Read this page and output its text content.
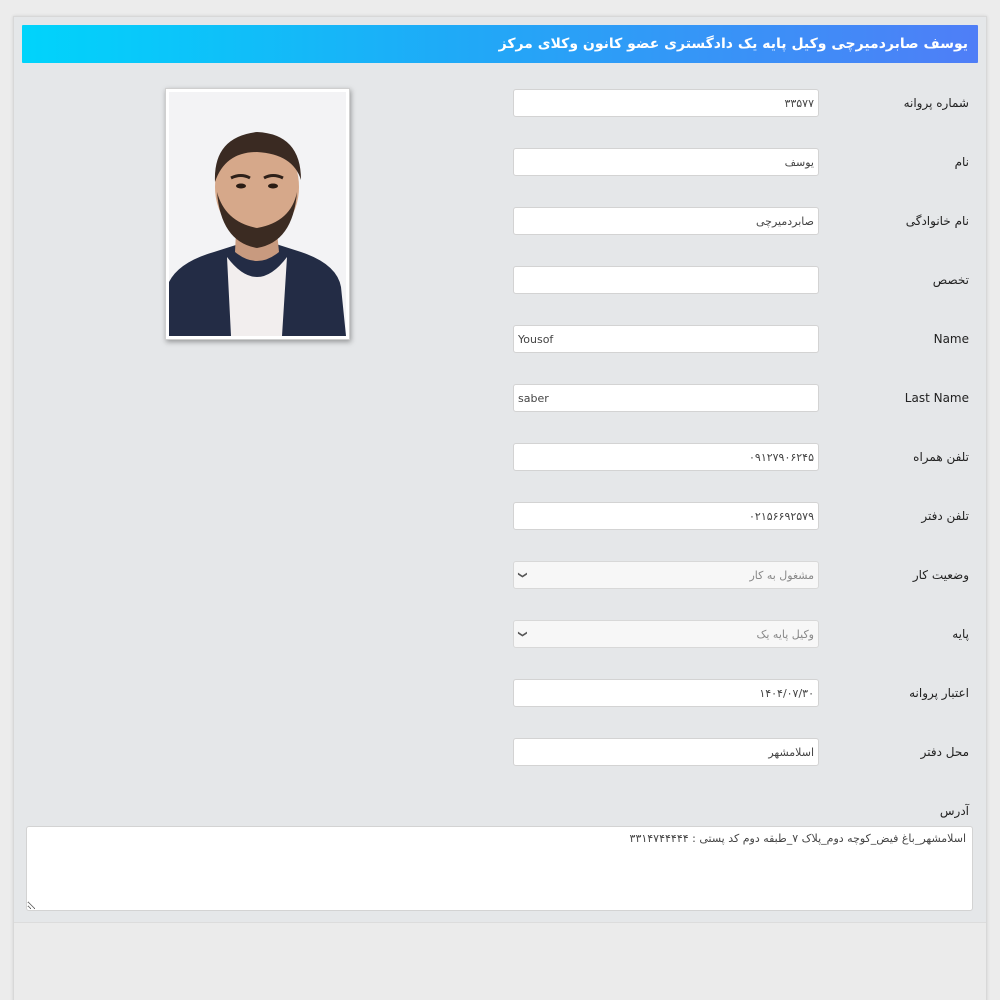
یوسف صابردمیرچی وکیل پایه یک دادگستری عضو کانون وکلای مرکز
شماره پروانه
۳۳۵۷۷
نام
یوسف
نام خانوادگی
صابردمیرچی
تخصص
Name
Yousof
Last Name
saber
تلفن همراه
۰۹۱۲۷۹۰۶۲۴۵
تلفن دفتر
۰۲۱۵۶۶۹۲۵۷۹
وضعیت کار
❯	مشغول به کار
پایه
❯	وکیل پایه یک
اعتبار پروانه
۱۴۰۴/۰۷/۳۰
محل دفتر
اسلامشهر
آدرس
اسلامشهر_باغ فیض_کوچه دوم_پلاک ۷_طبقه دوم کد پستی : ۳۳۱۴۷۴۴۴۴۴
